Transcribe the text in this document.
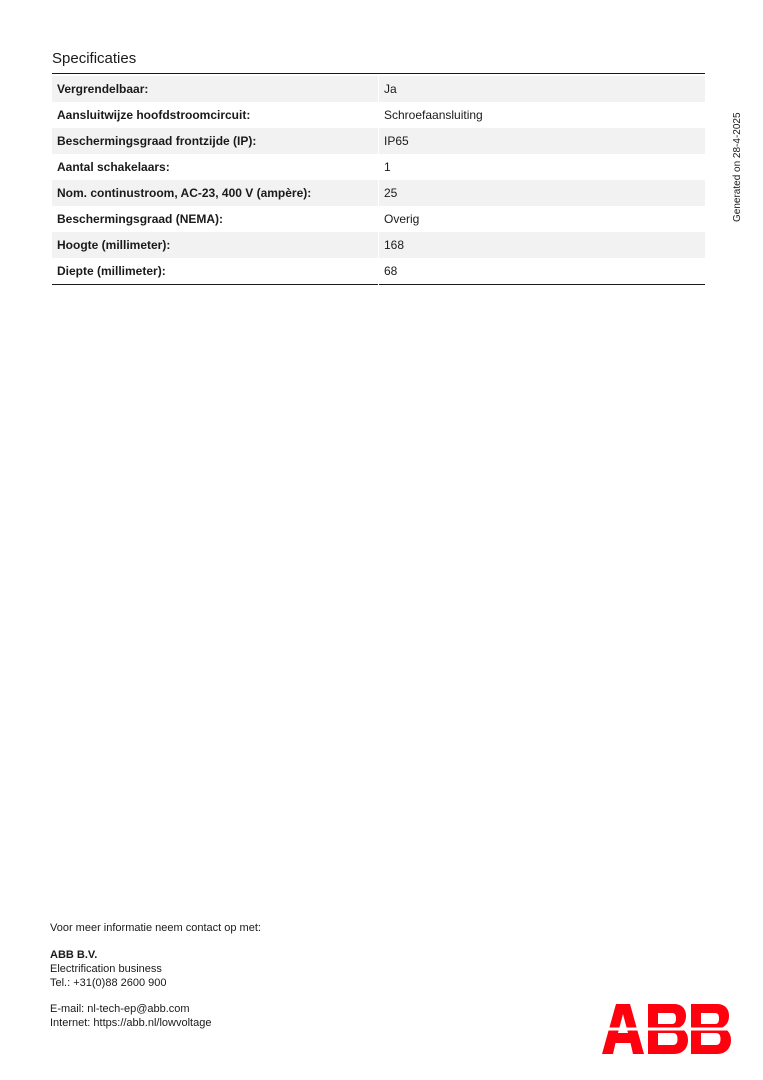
Specificaties
Vergrendelbaar:	Ja
Aansluitwijze hoofdstroomcircuit:	Schroefaansluiting
Beschermingsgraad frontzijde (IP):	IP65
Aantal schakelaars:	1
Nom. continustroom, AC-23, 400 V (ampère):	25
Beschermingsgraad (NEMA):	Overig
Hoogte (millimeter):	168
Diepte (millimeter):	68
Generated on 28-4-2025
Voor meer informatie neem contact op met:
ABB B.V.
Electrification business
Tel.: +31(0)88 2600 900
E-mail: nl-tech-ep@abb.com
Internet: https://abb.nl/lowvoltage
